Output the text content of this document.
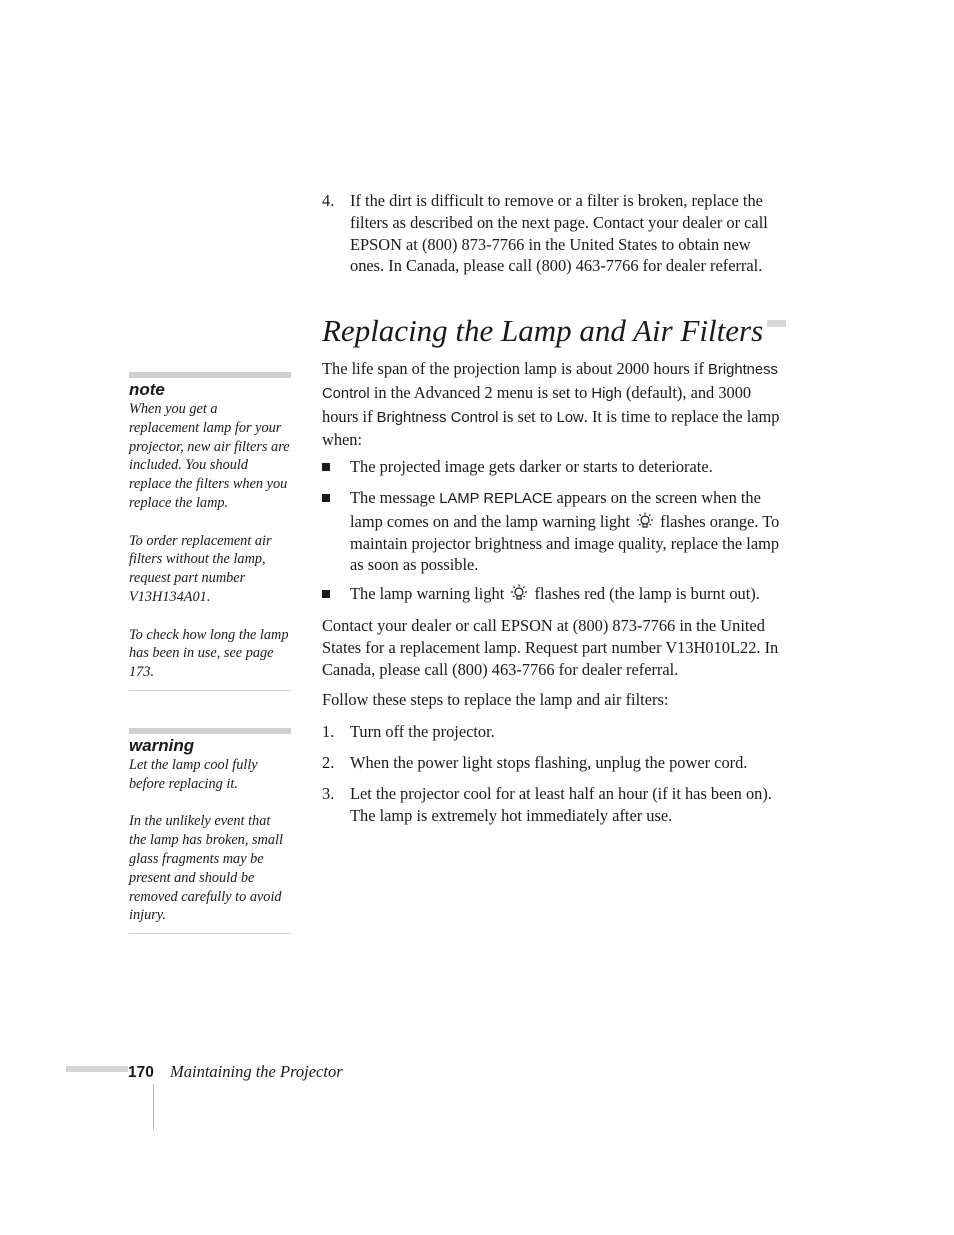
4. If the dirt is difficult to remove or a filter is broken, replace the filters as described on the next page. Contact your dealer or call EPSON at (800) 873-7766 in the United States to obtain new ones. In Canada, please call (800) 463-7766 for dealer referral.
Replacing the Lamp and Air Filters
The life span of the projection lamp is about 2000 hours if Brightness Control in the Advanced 2 menu is set to High (default), and 3000 hours if Brightness Control is set to Low. It is time to replace the lamp when:
The projected image gets darker or starts to deteriorate.
The message LAMP REPLACE appears on the screen when the lamp comes on and the lamp warning light flashes orange. To maintain projector brightness and image quality, replace the lamp as soon as possible.
The lamp warning light flashes red (the lamp is burnt out).
Contact your dealer or call EPSON at (800) 873-7766 in the United States for a replacement lamp. Request part number V13H010L22. In Canada, please call (800) 463-7766 for dealer referral.
Follow these steps to replace the lamp and air filters:
1. Turn off the projector.
2. When the power light stops flashing, unplug the power cord.
3. Let the projector cool for at least half an hour (if it has been on). The lamp is extremely hot immediately after use.
note

When you get a replacement lamp for your projector, new air filters are included. You should replace the filters when you replace the lamp.

To order replacement air filters without the lamp, request part number V13H134A01.

To check how long the lamp has been in use, see page 173.

warning

Let the lamp cool fully before replacing it.

In the unlikely event that the lamp has broken, small glass fragments may be present and should be removed carefully to avoid injury.

170 Maintaining the Projector
